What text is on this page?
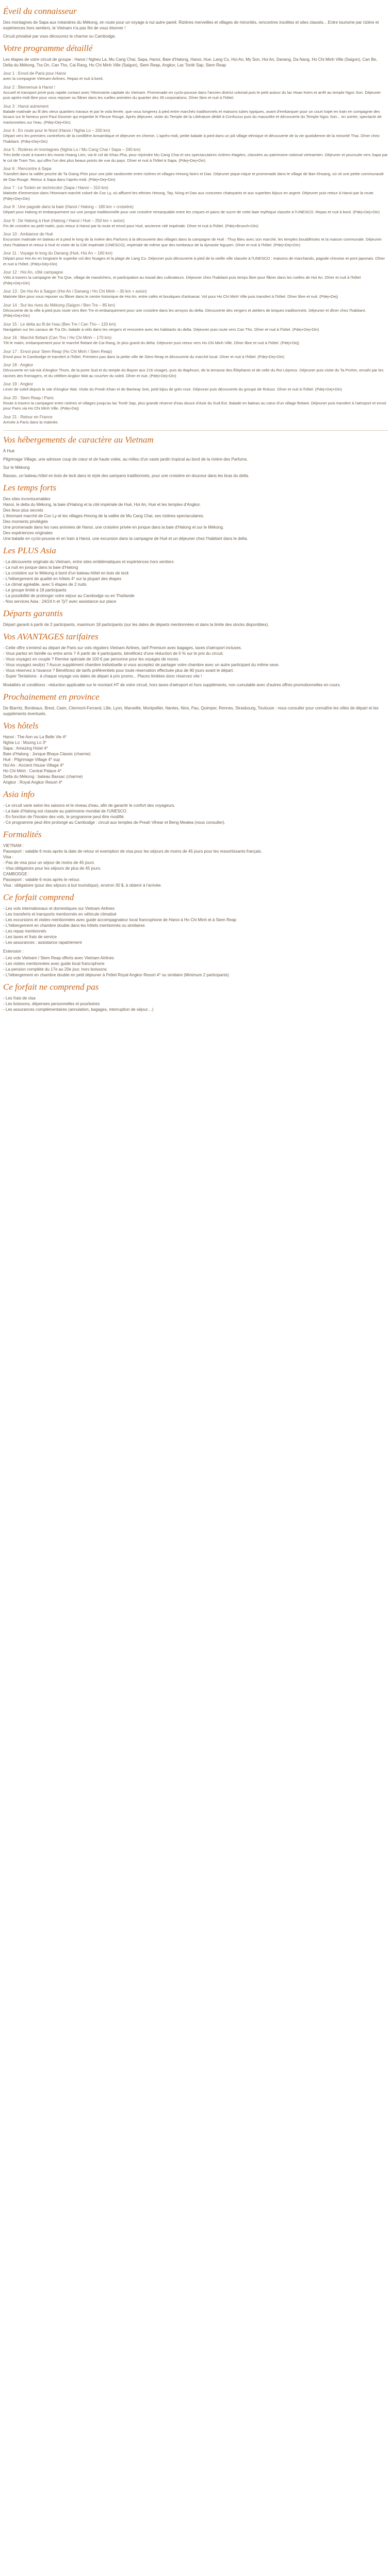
Éveil du connaisseur

Des montagnes de Sapa aux méandres du Mékong, en route pour un voyage à nul autre pareil. Rizières merveilles et villages de minorités, rencontres insolites et sites classés... Entre tourisme par rizière et expériences hors sentiers, le Vietnam n'a pas fini de vous étonner !

Circuit privatisé par vous découvrez le charme ou Cambodge.

Votre programme détaillé

Les étapes de votre circuit de groupe : Hanoi / Ngheu La, Mu Cang Chai, Sapa, Hanoi, Baie d'Halong, Hanoi, Hue, Lang Co, Hoi An, My Son, Hoi An, Danang, Da Nang, Ho Chi Minh Ville (Saigon), Can Be, Delta du Mékong, Tra On, Can Tho, Cai Rang, Ho Chi Minh Ville (Saigon), Siem Reap, Angkor, Lac Tonlé Sap, Siem Reap

Jour 1 : Envol de Paris pour Hanoi
avec la compagnie Vietnam Airlines. Repas et nuit à bord.
Jour 2 : Bienvenue à Hanoi !
Accueil et transport privé puis rapide contact avec l'étonnante capitale du Vietnam. Promenade en cyclo-pousse dans l'ancien district colonial puis le petit autour du lac Hoan Kiem et arrêt au temple Ngoc Son. Déjeuner puis après-midi libre pour vous reposer ou flâner dans les ruelles animées du quartier des 36 corporations. Dîner libre et nuit à l'hôtel.
Jour 3 : Hanoi autrement
Balade matinale au fil des vieux quartiers travaux et par le vola ferrée, que vous longerez à pied entre marchés traditionnels et maisons tubes typiques, avant d'embarquer pour un court trajet en train en compagnie des locaux sur le fameux pont Paul Doumer qui enjambe le Fleuve Rouge. Après déjeuner, visite du Temple de la Littérature dédié à Confucius puis du mausolée et découverte du Temple Ngoc Son... en soirée, spectacle de marionnettes sur l'eau. (Pdej+Dej+Din)
Jour 4 : En route pour le Nord (Hanoi / Nghia Lo – 200 km)
Départ vers les premiers contreforts de la cordillère Annamitique et déjeuner en chemin. L'après-midi, petite balade à pied dans un joli village ethnique et découverte de la vie quotidienne de la minorité Thai. Dîner chez l'habitant. (Pdej+Dej+Din)
Jour 5 : Rizières et montagnes (Nghia Lo / Mu Cang Chai / Sapa – 240 km)
Très belle route à travers les monts Hoang Lien, via le col de Khau Pha, pour rejoindre Mu Cang Chai et ses spectaculaires rizières étagées, classées au patrimoine national vietnamien. Déjeuner et poursuite vers Sapa par le col de Tram Ton, qui offre l'un des plus beaux points de vue du pays. Dîner et nuit à l'hôtel à Sapa. (Pdej+Dej+Din)
Jour 6 : Rencontre à Sapa
Transfert dans la vallée proche de Ta Giang Phìn pour une jolie randonnée entre rizières et villages Hmong Noirs et Dao. Déjeuner pique-nique et promenade dans le village de Ban Khoang, où vit une petite communauté de Dao Rouge. Retour à Sapa dans l'après-midi. (Pdej+Dej+Din)
Jour 7 : Le Tonkin en technicolor (Sapa / Hanoi – 310 km)
Matinée d'immersion dans l'étonnant marché coloré de Coc Ly, où affluent les ethnies Hmong, Tay, Nùng et Dao aux costumes chatoyants et aux superbes bijoux en argent. Déjeuner puis retour à Hanoi par la route. (Pdej+Dej+Din)
Jour 8 : Une pagode dans la baie (Hanoi / Halong – 180 km + croisière)
Départ pour Halong et embarquement sur une jonque traditionnelle pour une croisière remarquable entre les criques et pains de sucre de cette baie mythique classée à l'UNESCO. Repas et nuit à bord. (Pdej+Dej+Din)
Jour 9 : De Halong à Hué (Halong / Hanoi / Hué – 250 km + avion)
Fin de croisière au petit matin, puis retour à Hanoi par la route et envol pour Hué, ancienne cité impériale. Dîner et nuit à l'hôtel. (Pdej+Brunch+Din)
Jour 10 : Ambiance de Hué
Excursion matinale en bateau et à pied le long de la rivière des Parfums à la découverte des villages dans la campagne de Hué : Thuy Bieu avec son marché, les temples bouddhistes et la maison communale. Déjeuner chez l'habitant et retour à Hué et visite de la Cité impériale (UNESCO), impériale de même que des tombeaux de la dynastie Nguyen. Dîner et nuit à l'hôtel. (Pdej+Dej+Din)
Jour 11 : Voyage le long du Danang (Hué, Hoi An – 160 km)
Départ pour Hoi An en longeant le superbe col des Nuages et la plage de Lang Co. Déjeuner puis découverte à pied de la vieille ville classée à l'UNESCO : maisons de marchands, pagode chinoise et pont japonais. Dîner et nuit à l'hôtel. (Pdej+Dej+Din)
Jour 12 : Hoi An, côté campagne
Vélo à travers la campagne de Tra Que, village de maraîchers, et participation au travail des cultivateurs. Déjeuner chez l'habitant puis temps libre pour flâner dans les ruelles de Hoi An. Dîner et nuit à l'hôtel. (Pdej+Dej+Din)
Jour 13 : De Hoi An à Saigon (Hoi An / Danang / Ho Chi Minh – 30 km + avion)
Matinée libre pour vous reposer ou flâner dans le centre historique de Hoi An, entre cafés et boutiques d'artisanat. Vol pour Ho Chi Minh Ville puis transfert à l'hôtel. Dîner libre et nuit. (Pdej+Dej)
Jour 14 : Sur les rives du Mékong (Saigon / Ben Tre – 85 km)
Découverte de la ville à pied puis route vers Ben Tre et embarquement pour une croisière dans les arroyos du delta. Découverte des vergers et ateliers de briques traditionnels. Déjeuner et dîner chez l'habitant. (Pdej+Dej+Din)
Jour 15 : Le delta au fil de l'eau (Ben Tre / Can Tho – 120 km)
Navigation sur les canaux de Tra On, balade à vélo dans les vergers et rencontre avec les habitants du delta. Déjeuner puis route vers Can Tho. Dîner et nuit à l'hôtel. (Pdej+Dej+Din)
Jour 16 : Marché flottant (Can Tho / Ho Chi Minh – 170 km)
Tôt le matin, embarquement pour le marché flottant de Cai Rang, le plus grand du delta. Déjeuner puis retour vers Ho Chi Minh Ville. Dîner libre et nuit à l'hôtel. (Pdej+Dej)
Jour 17 : Envol pour Siem Reap (Ho Chi Minh / Siem Reap)
Envol pour le Cambodge et transfert à l'hôtel. Premiers pas dans la petite ville de Siem Reap et découverte du marché local. Dîner et nuit à l'hôtel. (Pdej+Dej+Din)
Jour 18 : Angkor
Découverte en tuk-tuk d'Angkor Thom, de la porte Sud et du temple du Bayon aux 216 visages, puis du Baphuon, de la terrasse des Éléphants et de celle du Roi Lépreux. Déjeuner puis visite du Ta Prohm, envahi par les racines des fromagers, et du célèbre Angkor Wat au coucher du soleil. Dîner et nuit. (Pdej+Dej+Din)
Jour 19 : Angkor
Lever de soleil depuis le site d'Angkor Wat. Visite du Preah Khan et de Banteay Srei, petit bijou de grès rose. Déjeuner puis découverte du groupe de Roluos. Dîner et nuit à l'hôtel. (Pdej+Dej+Din)
Jour 20 : Siem Reap / Paris
Route à travers la campagne entre rizières et villages jusqu'au lac Tonlé Sap, plus grande réserve d'eau douce d'Asie du Sud-Est. Balade en bateau au cœur d'un village flottant. Déjeuner puis transfert à l'aéroport et envol pour Paris via Ho Chi Minh Ville. (Pdej+Dej)
Jour 21 : Retour en France
Arrivée à Paris dans la matinée.
Vos hébergements de caractère au Vietnam

À Hué

Pilgrimage Village, une adresse coup de cœur et de haute volée, au milieu d'un vaste jardin tropical au bord de la rivière des Parfums.

Sur le Mékong

Bassac, un bateau hôtel en bois de teck dans le style des sampans traditionnels, pour une croisière en douceur dans les bras du delta.

Les temps forts
Des sites incontournables
Hanoi, le delta du Mékong, la baie d'Halong et la cité impériale de Hué, Hoi An, Hué et les temples d'Angkor.
Des lieux plus secrets
L'étonnant marché de Coc Ly et les villages Hmong de la vallée de Mu Cang Chai, ses rizières spectaculaires.
Des moments privilégiés
Une promenade dans les rues animées de Hanoi, une croisière privée en jonque dans la baie d'Halong et sur le Mékong.
Des expériences originales
Une balade en cyclo-pousse et en train à Hanoi, une excursion dans la campagne de Hué et un déjeuner chez l'habitant dans le delta.
Les PLUS Asia
- La découverte originale du Vietnam, entre sites emblématiques et expériences hors sentiers
- La nuit en jonque dans la baie d'Halong
- La croisière sur le Mékong à bord d'un bateau-hôtel en bois de teck
- L'hébergement de qualité en hôtels 4* sur la plupart des étapes
- Le climat agréable, avec 5 étapes de 2 nuits
- Le groupe limité à 18 participants
- La possibilité de prolonger votre séjour au Cambodge ou en Thaïlande
- Nos services Asia : 24/24 h et 7j/7 avec assistance sur place
Départs garantis

Départ garanti à partir de 2 participants, maximum 18 participants (sur les dates de départs mentionnées et dans la limite des stocks disponibles).

Vos AVANTAGES tarifaires
- Cette offre s'entend au départ de Paris sur vols réguliers Vietnam Airlines, tarif Premium avec bagages, taxes d'aéroport incluses.
- Vous partez en famille ou entre amis ? À partir de 4 participants, bénéficiez d'une réduction de 5 % sur le prix du circuit.
- Vous voyagez en couple ? Remise spéciale de 100 € par personne pour les voyages de noces.
- Vous voyagez seul(e) ? Aucun supplément chambre individuelle si vous acceptez de partager votre chambre avec un autre participant du même sexe.
- Vous réservez à l'avance ? Bénéficiez de tarifs préférentiels pour toute réservation effectuée plus de 90 jours avant le départ.
- Super Tentations : à chaque voyage vos dates de départ à prix promo... Places limitées donc réservez vite !

Modalités et conditions : réduction applicable sur le montant HT de votre circuit, hors taxes d'aéroport et hors suppléments, non cumulable avec d'autres offres promotionnelles en cours.

Prochainement en province

De Biarritz, Bordeaux, Brest, Caen, Clermont-Ferrand, Lille, Lyon, Marseille, Montpellier, Nantes, Nice, Pau, Quimper, Rennes, Strasbourg, Toulouse : nous consulter pour connaître les villes de départ et les suppléments éventuels.

Vos hôtels
Hanoi : The Ann ou La Belle Vie 4*
Nghia Lo : Muong Lo 3*
Sapa : Amazing Hotel 4*
Baie d'Halong : Jonque Bhaya Classic (charme)
Hué : Pilgrimage Village 4* sup
Hoi An : Ancient House Village 4*
Ho Chi Minh : Central Palace 4*
Delta du Mékong : bateau Bassac (charme)
Angkor : Royal Angkor Resort 4*
Asia info
- Le circuit varie selon les saisons et le niveau d'eau, afin de garantir le confort des voyageurs.
- La baie d'Halong est classée au patrimoine mondial de l'UNESCO.
- En fonction de l'horaire des vols, le programme peut être modifié.
- Ce programme peut être prolongé au Cambodge : circuit aux temples de Preah Vihear et Beng Mealea (nous consulter).
Formalités
VIETNAM :
Passeport : valable 6 mois après la date de retour et exemption de visa pour les séjours de moins de 45 jours pour les ressortissants français.
Visa :
- Pas de visa pour un séjour de moins de 45 jours
- Visa obligatoire pour les séjours de plus de 45 jours.
CAMBODGE :
Passeport : valable 6 mois après le retour.
Visa : obligatoire (pour des séjours à but touristique), environ 30 $, à obtenir à l'arrivée.
Ce forfait comprend
- Les vols internationaux et domestiques sur Vietnam Airlines
- Les transferts et transports mentionnés en véhicule climatisé
- Les excursions et visites mentionnées avec guide accompagnateur local francophone de Hanoi à Ho Chi Minh et à Siem Reap
- L'hébergement en chambre double dans les hôtels mentionnés ou similaires
- Les repas mentionnés
- Les taxes et frais de service
- Les assurances : assistance rapatriement
Extension :
- Les vols Vietnam / Siem Reap offerts avec Vietnam Airlines
- Les visites mentionnées avec guide local francophone
- La pension complète du 17e au 20e jour, hors boissons
- L'hébergement en chambre double en petit déjeuner à l'hôtel Royal Angkor Resort 4* ou similaire (Minimum 2 participants)
Ce forfait ne comprend pas
- Les frais de visa
- Les boissons, dépenses personnelles et pourboires
- Les assurances complémentaires (annulation, bagages, interruption de séjour…)
